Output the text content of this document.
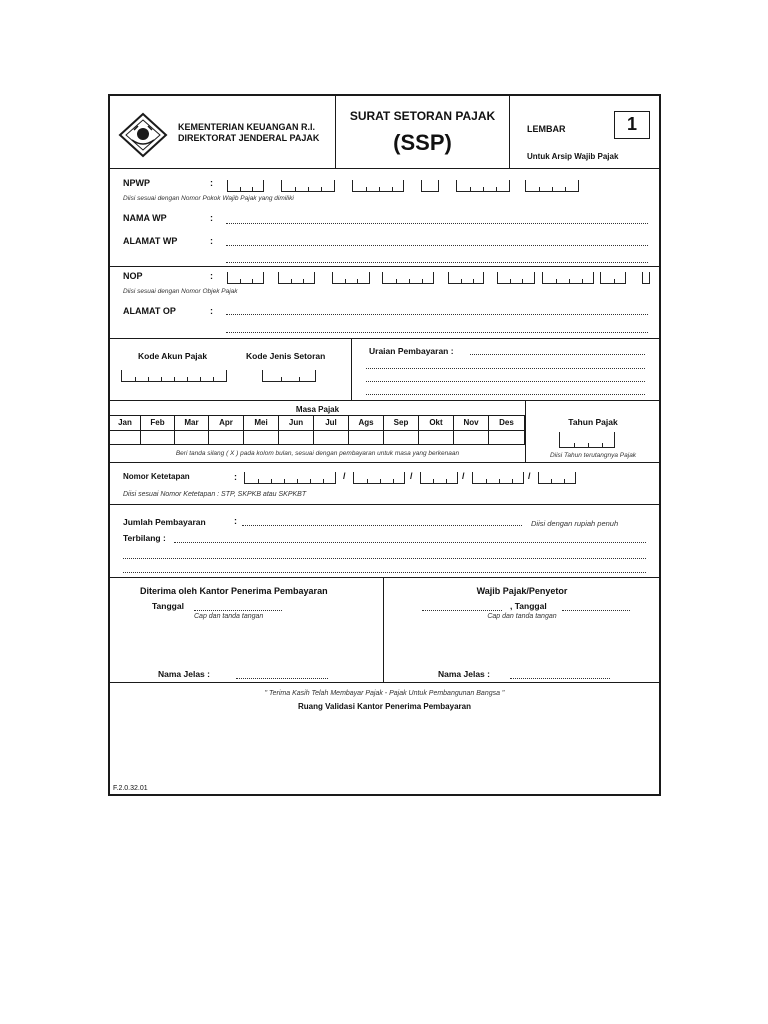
KEMENTERIAN KEUANGAN R.I.
DIREKTORAT JENDERAL PAJAK
SURAT SETORAN PAJAK
(SSP)
LEMBAR	1
Untuk Arsip Wajib Pajak
NPWP	:
Diisi sesuai dengan Nomor Pokok Wajib Pajak yang dimiliki
NAMA WP	:
ALAMAT WP	:
NOP	:
Diisi sesuai dengan Nomor Objek Pajak
ALAMAT OP	:
Kode Akun Pajak	Kode Jenis Setoran	Uraian Pembayaran :
Masa Pajak
Jan	Feb	Mar	Apr	Mei	Jun	Jul	Ags	Sep	Okt	Nov	Des
Beri tanda silang ( X ) pada kolom bulan, sesuai dengan pembayaran untuk masa yang berkenaan
Tahun Pajak
Diisi Tahun terutangnya Pajak
Nomor Ketetapan	:	/	/	/	/
Diisi sesuai Nomor Ketetapan : STP, SKPKB atau SKPKBT
Jumlah Pembayaran	:	Diisi dengan rupiah penuh
Terbilang :
Diterima oleh Kantor Penerima Pembayaran
Tanggal
Cap dan tanda tangan
Nama Jelas :
Wajib Pajak/Penyetor
, Tanggal
Cap dan tanda tangan
Nama Jelas :
" Terima Kasih Telah Membayar Pajak - Pajak Untuk Pembangunan Bangsa "
Ruang Validasi Kantor Penerima Pembayaran
F.2.0.32.01
